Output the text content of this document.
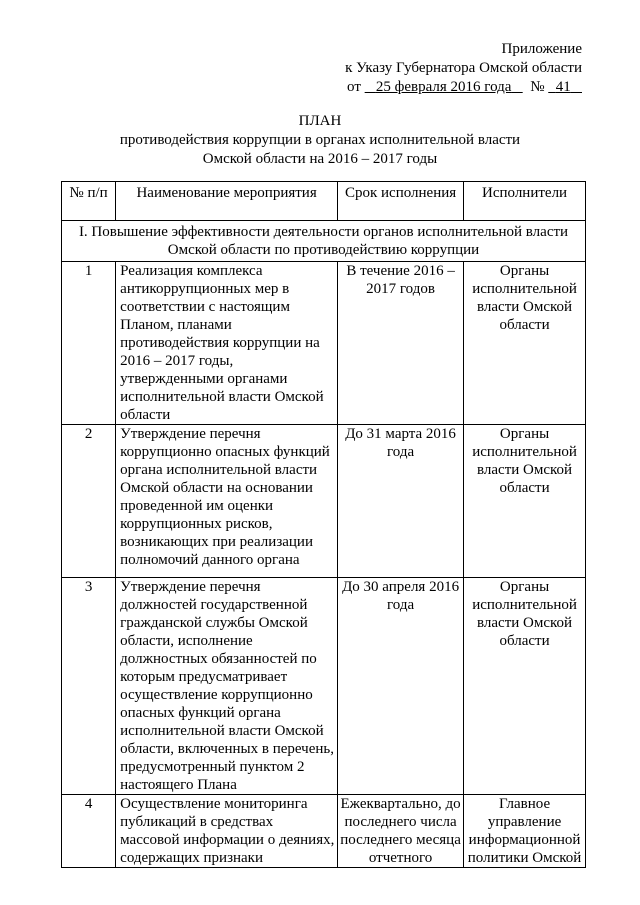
Приложение
к Указу Губернатора Омской области
от 25 февраля 2016 года № 41
ПЛАН
противодействия коррупции в органах исполнительной власти
Омской области на 2016 – 2017 годы
№ п/п	Наименование мероприятия	Срок исполнения	Исполнители
I. Повышение эффективности деятельности органов исполнительной власти Омской области по противодействию коррупции			
1	Реализация комплекса антикоррупционных мер в соответствии с настоящим Планом, планами противодействия коррупции на 2016 – 2017 годы, утвержденными органами исполнительной власти Омской области	В течение 2016 – 2017 годов	Органы исполнительной власти Омской области
2	Утверждение перечня коррупционно опасных функций органа исполнительной власти Омской области на основании проведенной им оценки коррупционных рисков, возникающих при реализации полномочий данного органа	До 31 марта 2016 года	Органы исполнительной власти Омской области
3	Утверждение перечня должностей государственной гражданской службы Омской области, исполнение должностных обязанностей по которым предусматривает осуществление коррупционно опасных функций органа исполнительной власти Омской области, включенных в перечень, предусмотренный пунктом 2 настоящего Плана	До 30 апреля 2016 года	Органы исполнительной власти Омской области
4	Осуществление мониторинга публикаций в средствах массовой информации о деяниях, содержащих признаки	Ежеквартально, до последнего числа последнего месяца отчетного	Главное управление информационной политики Омской
